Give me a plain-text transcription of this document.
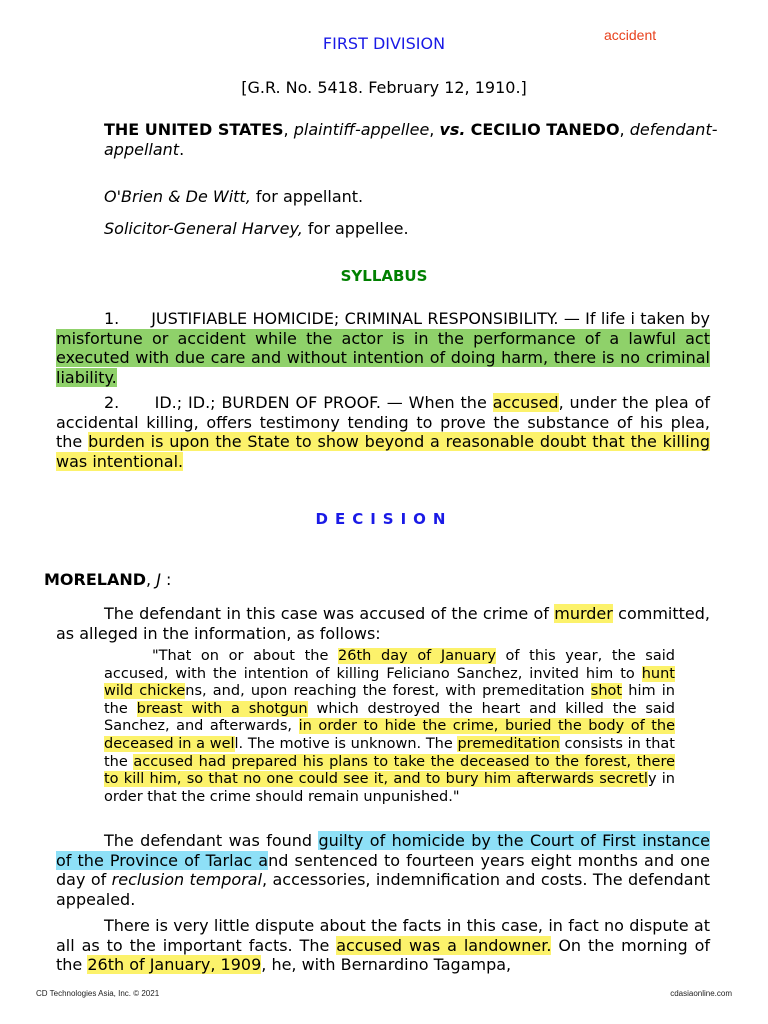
accident
FIRST DIVISION
[G.R. No. 5418. February 12, 1910.]
THE UNITED STATES, plaintiff-appellee, vs. CECILIO TANEDO, defendant-appellant.
O'Brien & De Witt, for appellant.
Solicitor-General Harvey, for appellee.
SYLLABUS

1.      JUSTIFIABLE HOMICIDE; CRIMINAL RESPONSIBILITY. — If life i taken by misfortune or accident while the actor is in the performance of a lawful act executed with due care and without intention of doing harm, there is no criminal liability.

2.      ID.; ID.; BURDEN OF PROOF. — When the accused, under the plea of accidental killing, offers testimony tending to prove the substance of his plea, the burden is upon the State to show beyond a reasonable doubt that the killing was intentional.

DECISION
MORELAND, J :

The defendant in this case was accused of the crime of murder committed, as alleged in the information, as follows:

"That on or about the 26th day of January of this year, the said accused, with the intention of killing Feliciano Sanchez, invited him to hunt wild chickens, and, upon reaching the forest, with premeditation shot him in the breast with a shotgun which destroyed the heart and killed the said Sanchez, and afterwards, in order to hide the crime, buried the body of the deceased in a well. The motive is unknown. The premeditation consists in that the accused had prepared his plans to take the deceased to the forest, there to kill him, so that no one could see it, and to bury him afterwards secretly in order that the crime should remain unpunished."

The defendant was found guilty of homicide by the Court of First instance of the Province of Tarlac and sentenced to fourteen years eight months and one day of reclusion temporal, accessories, indemnification and costs. The defendant appealed.

There is very little dispute about the facts in this case, in fact no dispute at all as to the important facts. The accused was a landowner. On the morning of the 26th of January, 1909, he, with Bernardino Tagampa,

CD Technologies Asia, Inc. © 2021	cdasiaonline.com
